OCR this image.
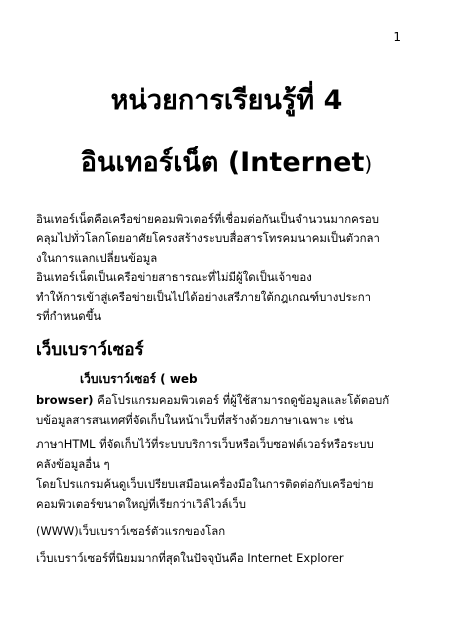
1
หน่วยการเรียนรู้ที่ 4
อินเทอร์เน็ต (Internet)

อินเทอร์เน็ตคือเครือข่ายคอมพิวเตอร์ที่เชื่อมต่อกันเป็นจำนวนมากครอบ

คลุมไปทั่วโลกโดยอาศัยโครงสร้างระบบสื่อสารโทรคมนาคมเป็นตัวกลา

งในการแลกเปลี่ยนข้อมูล

อินเทอร์เน็ตเป็นเครือข่ายสาธารณะที่ไม่มีผู้ใดเป็นเจ้าของ

ทำให้การเข้าสู่เครือข่ายเป็นไปได้อย่างเสรีภายใต้กฎเกณฑ์บางประกา

รที่กำหนดขึ้น

เว็บเบราว์เซอร์
เว็บเบราว์เซอร์ ( web

browser) คือโปรแกรมคอมพิวเตอร์ ที่ผู้ใช้สามารถดูข้อมูลและโต้ตอบกั

บข้อมูลสารสนเทศที่จัดเก็บในหน้าเว็บที่สร้างด้วยภาษาเฉพาะ เช่น

ภาษาHTML ที่จัดเก็บไว้ที่ระบบบริการเว็บหรือเว็บซอฟต์เวอร์หรือระบบ

คลังข้อมูลอื่น ๆ

โดยโปรแกรมค้นดูเว็บเปรียบเสมือนเครื่องมือในการติดต่อกับเครือข่าย

คอมพิวเตอร์ขนาดใหญ่ที่เรียกว่าเวิล์ไวล์เว็บ

(WWW)เว็บเบราว์เซอร์ตัวแรกของโลก

เว็บเบราว์เซอร์ที่นิยมมากที่สุดในปัจจุบันคือ Internet Explorer
